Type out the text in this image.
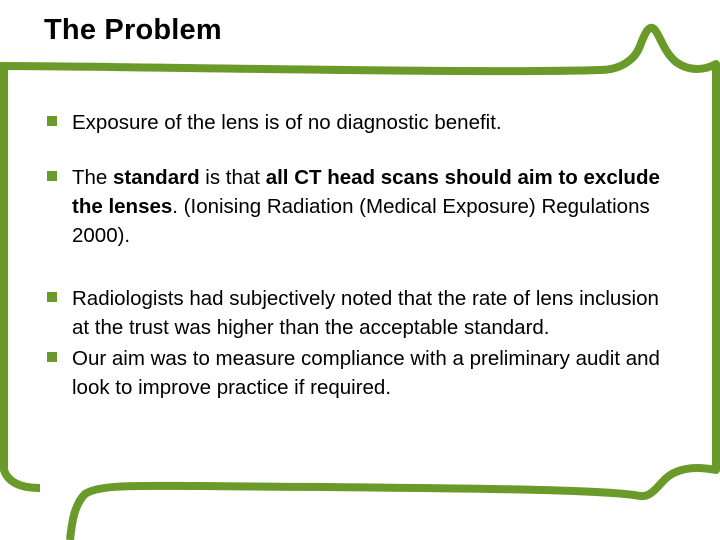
The Problem
Exposure of the lens is of no diagnostic benefit.
The standard is that all CT head scans should aim to exclude the lenses. (Ionising Radiation (Medical Exposure) Regulations 2000).
Radiologists had subjectively noted that the rate of lens inclusion at the trust was higher than the acceptable standard.
Our aim was to measure compliance with a preliminary audit and look to improve practice if required.
